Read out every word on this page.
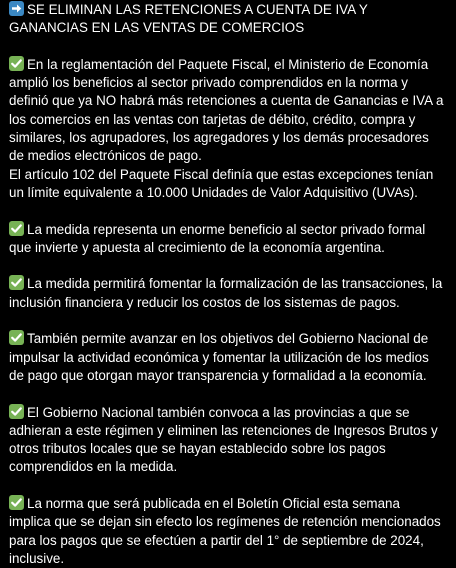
SE ELIMINAN LAS RETENCIONES A CUENTA DE IVA Y GANANCIAS EN LAS VENTAS DE COMERCIOS

En la reglamentación del Paquete Fiscal, el Ministerio de Economía amplió los beneficios al sector privado comprendidos en la norma y definió que ya NO habrá más retenciones a cuenta de Ganancias e IVA a los comercios en las ventas con tarjetas de débito, crédito, compra y similares, los agrupadores, los agregadores y los demás procesadores de medios electrónicos de pago.
El artículo 102 del Paquete Fiscal definía que estas excepciones tenían un límite equivalente a 10.000 Unidades de Valor Adquisitivo (UVAs).

La medida representa un enorme beneficio al sector privado formal que invierte y apuesta al crecimiento de la economía argentina.

La medida permitirá fomentar la formalización de las transacciones, la inclusión financiera y reducir los costos de los sistemas de pagos.

También permite avanzar en los objetivos del Gobierno Nacional de impulsar la actividad económica y fomentar la utilización de los medios de pago que otorgan mayor transparencia y formalidad a la economía.

El Gobierno Nacional también convoca a las provincias a que se adhieran a este régimen y eliminen las retenciones de Ingresos Brutos y otros tributos locales que se hayan establecido sobre los pagos comprendidos en la medida.

La norma que será publicada en el Boletín Oficial esta semana implica que se dejan sin efecto los regímenes de retención mencionados para los pagos que se efectúen a partir del 1° de septiembre de 2024, inclusive.
